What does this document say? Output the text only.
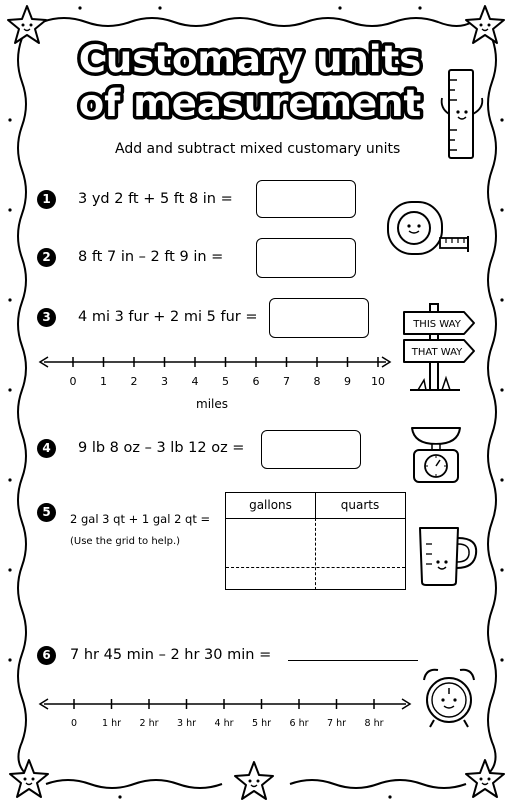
Customary units
of measurement
Add and subtract mixed customary units
1	3 yd 2 ft + 5 ft 8 in =
2	8 ft 7 in – 2 ft 9 in =
3	4 mi 3 fur + 2 mi 5 fur =	THIS WAY
THAT WAY
0 1 2 3 4 5 6 7 8 9 10
miles
4	9 lb 8 oz – 3 lb 12 oz =
5	2 gal 3 qt + 1 gal 2 qt =
(Use the grid to help.)
gallons	quarts
6	7 hr 45 min – 2 hr 30 min =
0	1 hr 2 hr 3 hr 4 hr 5 hr 6 hr 7 hr 8 hr
